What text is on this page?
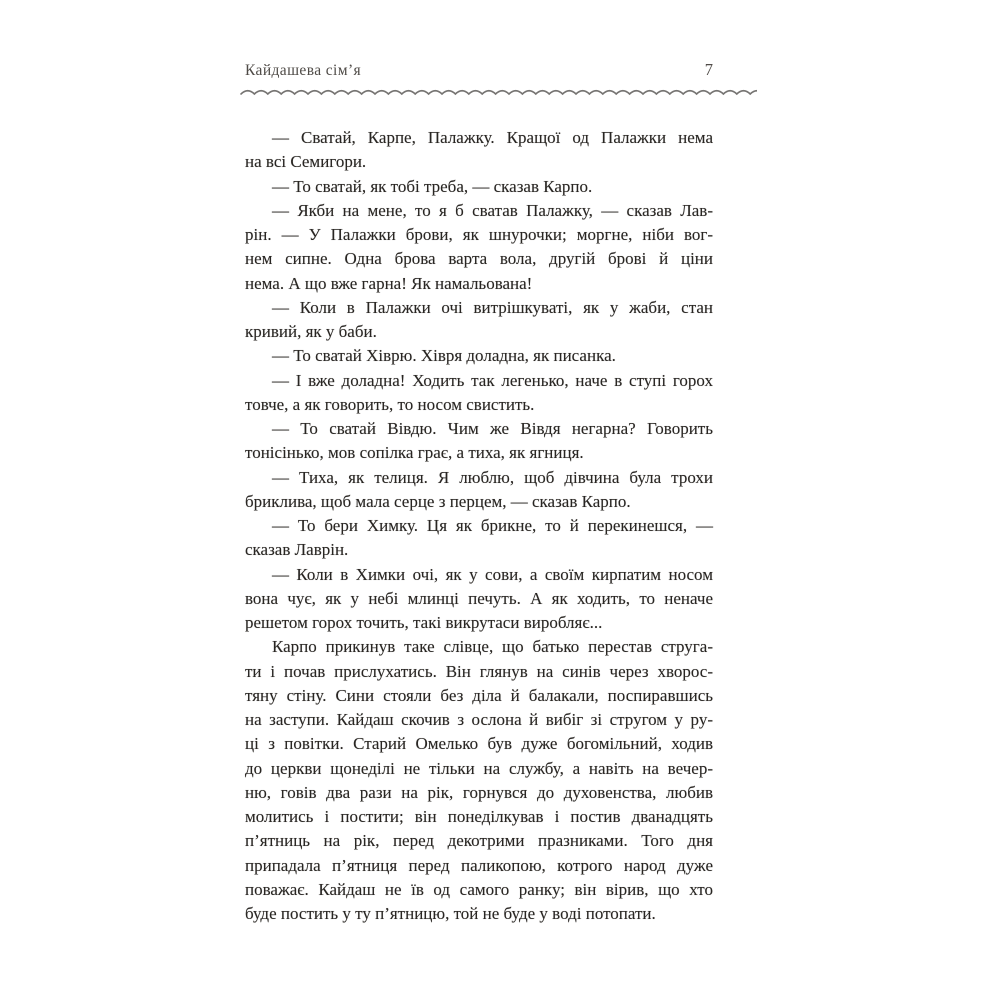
Кайдашева сім’я	7
— Сватай, Карпе, Палажку. Кращої од Палажки нема
на всі Семигори.
— То сватай, як тобі треба, — сказав Карпо.
— Якби на мене, то я б сватав Палажку, — сказав Лав-
рін. — У Палажки брови, як шнурочки; моргне, ніби вог-
нем сипне. Одна брова варта вола, другій брові й ціни
нема. А що вже гарна! Як намальована!
— Коли в Палажки очі витрішкуваті, як у жаби, стан
кривий, як у баби.
— То сватай Хіврю. Хівря доладна, як писанка.
— І вже доладна! Ходить так легенько, наче в ступі горох
товче, а як говорить, то носом свистить.
— То сватай Вівдю. Чим же Вівдя негарна? Говорить
тонісінько, мов сопілка грає, а тиха, як ягниця.
— Тиха, як телиця. Я люблю, щоб дівчина була трохи
бриклива, щоб мала серце з перцем, — сказав Карпо.
— То бери Химку. Ця як брикне, то й перекинешся, —
сказав Лаврін.
— Коли в Химки очі, як у сови, а своїм кирпатим носом
вона чує, як у небі млинці печуть. А як ходить, то неначе
решетом горох точить, такі викрутаси виробляє...
Карпо прикинув таке слівце, що батько перестав струга-
ти і почав прислухатись. Він глянув на синів через хворос-
тяну стіну. Сини стояли без діла й балакали, поспиравшись
на заступи. Кайдаш скочив з ослона й вибіг зі стругом у ру-
ці з повітки. Старий Омелько був дуже богомільний, ходив
до церкви щонеділі не тільки на службу, а навіть на вечер-
ню, говів два рази на рік, горнувся до духовенства, любив
молитись і постити; він понеділкував і постив дванадцять
п’ятниць на рік, перед декотрими празниками. Того дня
припадала п’ятниця перед паликопою, котрого народ дуже
поважає. Кайдаш не їв од самого ранку; він вірив, що хто
буде постить у ту п’ятницю, той не буде у воді потопати.
